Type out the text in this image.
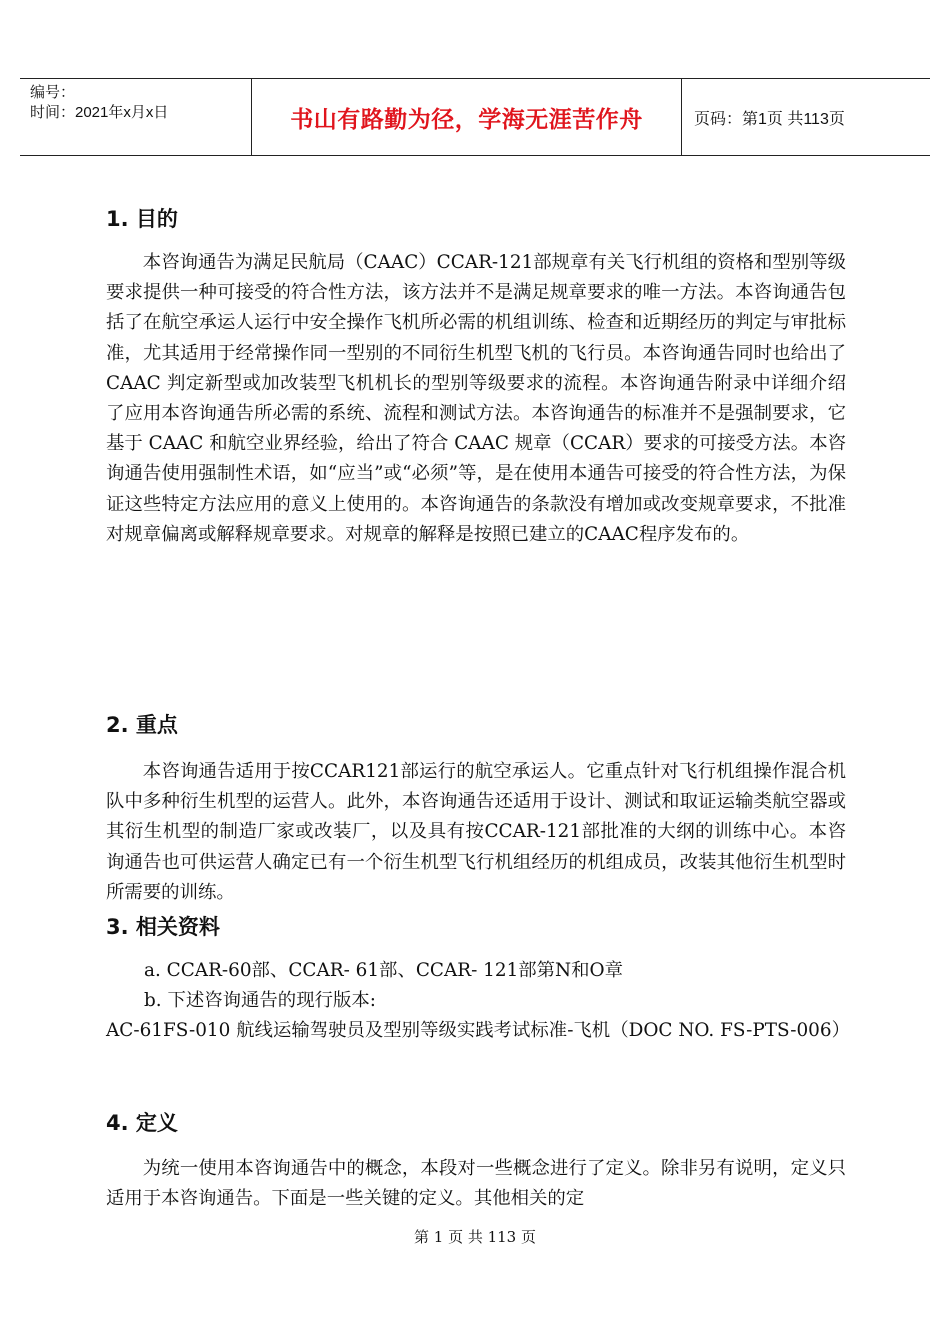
编号：
时间：2021年x月x日	书山有路勤为径，学海无涯苦作舟	页码：第1页 共113页
1. 目的

本咨询通告为满足民航局（CAAC）CCAR-121部规章有关飞行机组的资格和型别等级要求提供一种可接受的符合性方法，该方法并不是满足规章要求的唯一方法。本咨询通告包括了在航空承运人运行中安全操作飞机所必需的机组训练、检查和近期经历的判定与审批标准，尤其适用于经常操作同一型别的不同衍生机型飞机的飞行员。本咨询通告同时也给出了 CAAC 判定新型或加改装型飞机机长的型别等级要求的流程。本咨询通告附录中详细介绍了应用本咨询通告所必需的系统、流程和测试方法。本咨询通告的标准并不是强制要求，它基于 CAAC 和航空业界经验，给出了符合 CAAC 规章（CCAR）要求的可接受方法。本咨询通告使用强制性术语，如“应当”或“必须”等，是在使用本通告可接受的符合性方法，为保证这些特定方法应用的意义上使用的。本咨询通告的条款没有增加或改变规章要求，不批准对规章偏离或解释规章要求。对规章的解释是按照已建立的CAAC程序发布的。

2. 重点

本咨询通告适用于按CCAR121部运行的航空承运人。它重点针对飞行机组操作混合机队中多种衍生机型的运营人。此外，本咨询通告还适用于设计、测试和取证运输类航空器或其衍生机型的制造厂家或改装厂，以及具有按CCAR-121部批准的大纲的训练中心。本咨询通告也可供运营人确定已有一个衍生机型飞行机组经历的机组成员，改装其他衍生机型时所需要的训练。

3. 相关资料

a. CCAR-60部、CCAR- 61部、CCAR- 121部第N和O章

b. 下述咨询通告的现行版本:

AC-61FS-010 航线运输驾驶员及型别等级实践考试标准-飞机（DOC NO. FS-PTS-006）

4. 定义

为统一使用本咨询通告中的概念，本段对一些概念进行了定义。除非另有说明，定义只适用于本咨询通告。下面是一些关键的定义。其他相关的定

第 1 页 共 113 页
